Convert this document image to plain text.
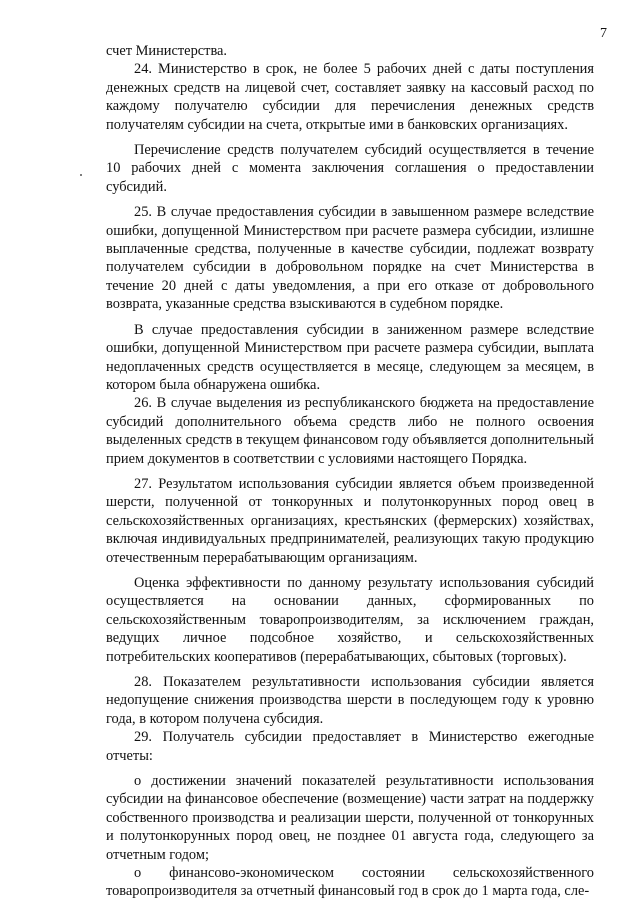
7

счет Министерства.

24. Министерство в срок, не более 5 рабочих дней с даты поступления денежных средств на лицевой счет, составляет заявку на кассовый расход по каждому получателю субсидии для перечисления денежных средств получателям субсидии на счета, открытые ими в банковских организациях.

Перечисление средств получателем субсидий осуществляется в течение 10 рабочих дней с момента заключения соглашения о предоставлении субсидий.

25. В случае предоставления субсидии в завышенном размере вследствие ошибки, допущенной Министерством при расчете размера субсидии, излишне выплаченные средства, полученные в качестве субсидии, подлежат возврату получателем субсидии в добровольном порядке на счет Министерства в течение 20 дней с даты уведомления, а при его отказе от добровольного возврата, указанные средства взыскиваются в судебном порядке.

В случае предоставления субсидии в заниженном размере вследствие ошибки, допущенной Министерством при расчете размера субсидии, выплата недоплаченных средств осуществляется в месяце, следующем за месяцем, в котором была обнаружена ошибка.

26. В случае выделения из республиканского бюджета на предоставление субсидий дополнительного объема средств либо не полного освоения выделенных средств в текущем финансовом году объявляется дополнительный прием документов в соответствии с условиями настоящего Порядка.

27. Результатом использования субсидии является объем произведенной шерсти, полученной от тонкорунных и полутонкорунных пород овец в сельскохозяйственных организациях, крестьянских (фермерских) хозяйствах, включая индивидуальных предпринимателей, реализующих такую продукцию отечественным перерабатывающим организациям.

Оценка эффективности по данному результату использования субсидий осуществляется на основании данных, сформированных по сельскохозяйственным товаропроизводителям, за исключением граждан, ведущих личное подсобное хозяйство, и сельскохозяйственных потребительских кооперативов (перерабатывающих, сбытовых (торговых).

28. Показателем результативности использования субсидии является недопущение снижения производства шерсти в последующем году к уровню года, в котором получена субсидия.

29. Получатель субсидии предоставляет в Министерство ежегодные отчеты:

о достижении значений показателей результативности использования субсидии на финансовое обеспечение (возмещение) части затрат на поддержку собственного производства и реализации шерсти, полученной от тонкорунных и полутонкорунных пород овец, не позднее 01 августа года, следующего за отчетным годом;

о финансово-экономическом состоянии сельскохозяйственного товаропроизводителя за отчетный финансовый год в срок до 1 марта года, сле-
